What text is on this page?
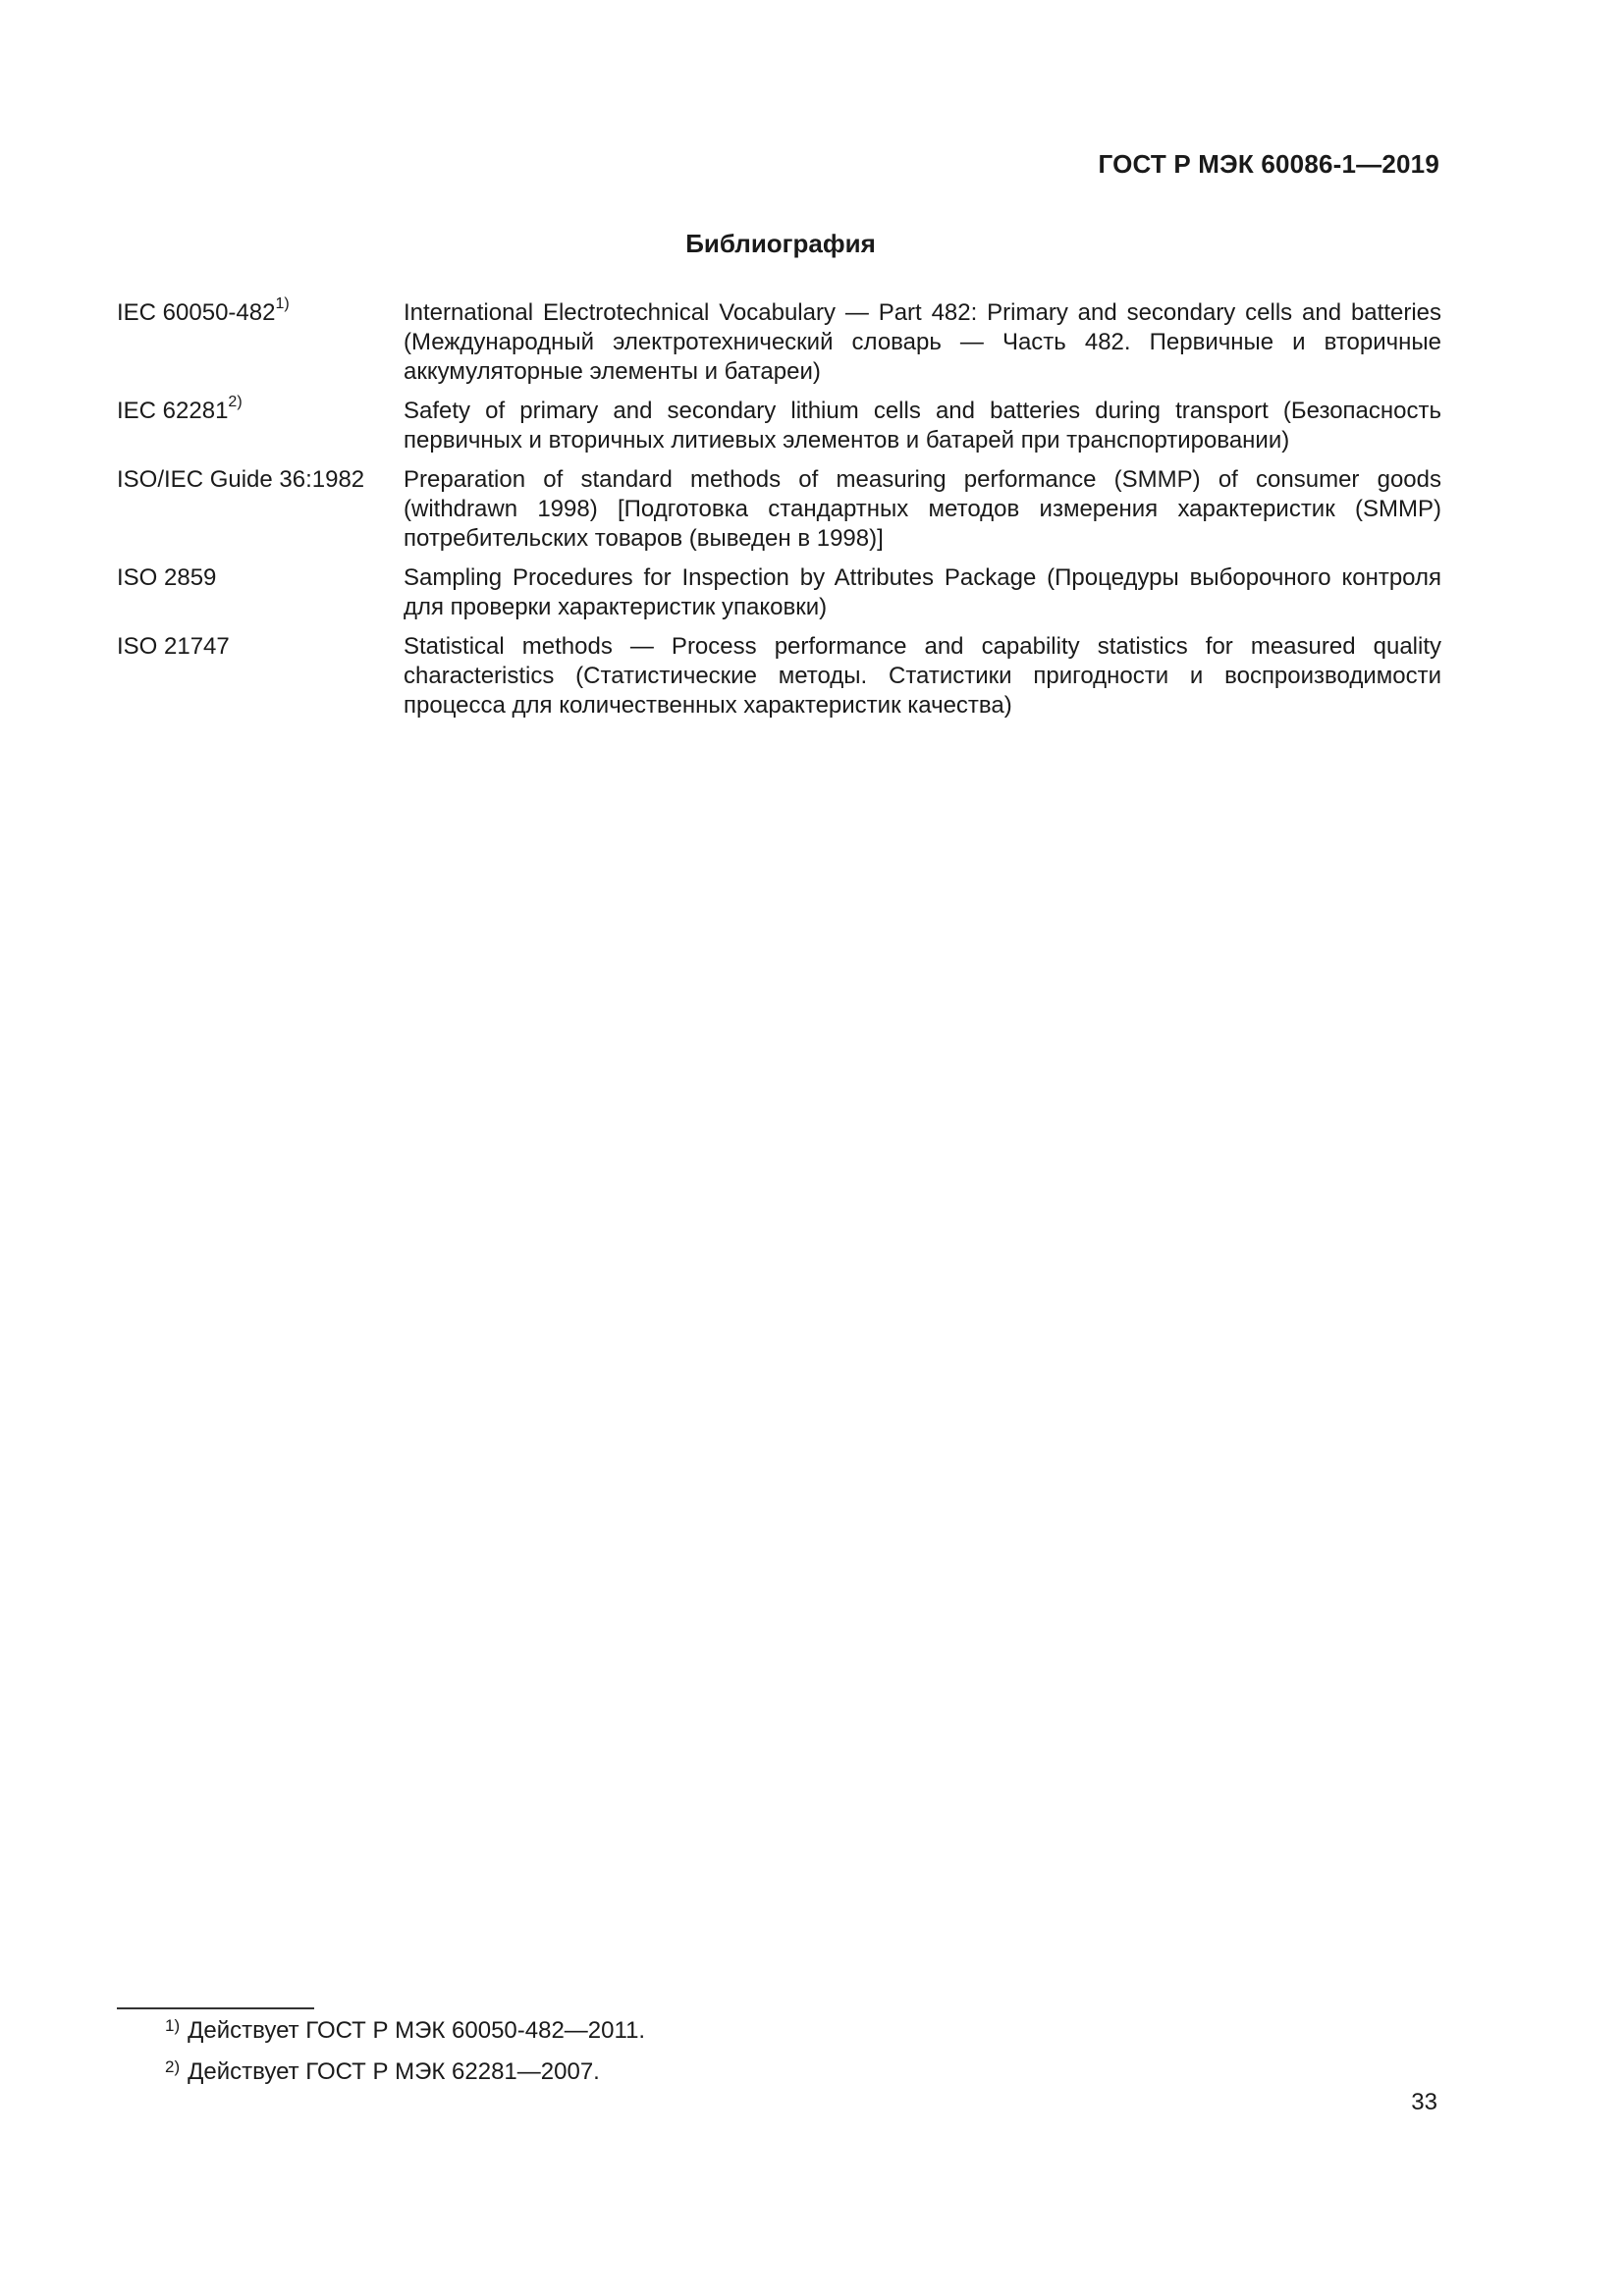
ГОСТ Р МЭК 60086-1—2019
Библиография
IEC 60050-482$^{1)}$	International Electrotechnical Vocabulary — Part 482: Primary and secondary cells and batteries (Международный электротехнический словарь — Часть 482. Первичные и вторичные аккумуляторные элементы и батареи)
IEC 62281$^{2)}$	Safety of primary and secondary lithium cells and batteries during transport (Безопасность первичных и вторичных литиевых элементов и батарей при транспортировании)
ISO/IEC Guide 36:1982	Preparation of standard methods of measuring performance (SMMP) of consumer goods (withdrawn 1998) [Подготовка стандартных методов измерения характеристик (SMMP) потребительских товаров (выведен в 1998)]
ISO 2859	Sampling Procedures for Inspection by Attributes Package (Процедуры выборочного контроля для проверки характеристик упаковки)
ISO 21747	Statistical methods — Process performance and capability statistics for measured quality characteristics (Статистические методы. Статистики пригодности и воспроизводимости процесса для количественных характеристик качества)
$^{1)}$ Действует ГОСТ Р МЭК 60050-482—2011.
$^{2)}$ Действует ГОСТ Р МЭК 62281—2007.
33
